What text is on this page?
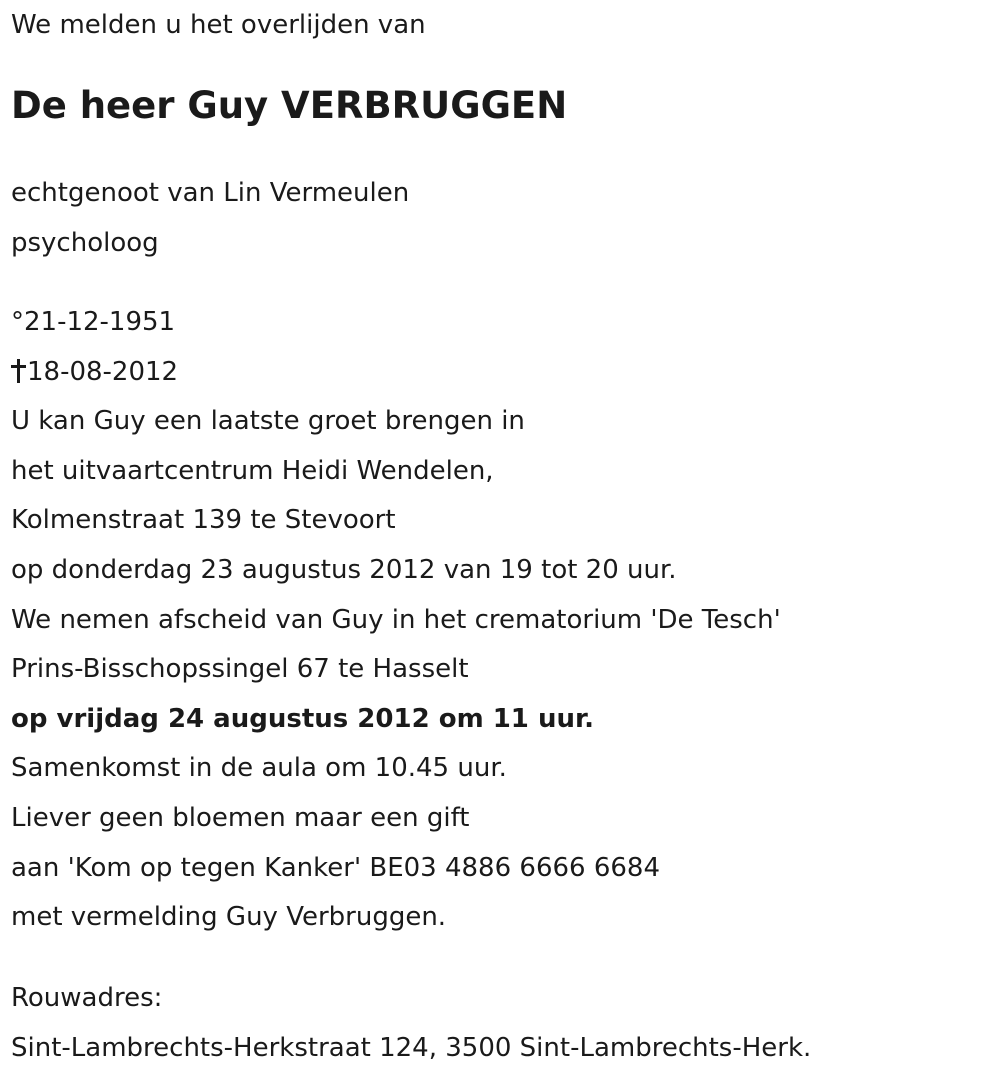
We melden u het overlijden van
De heer Guy VERBRUGGEN
echtgenoot van Lin Vermeulen
psycholoog
°21-12-1951
18-08-2012
U kan Guy een laatste groet brengen in
het uitvaartcentrum Heidi Wendelen,
Kolmenstraat 139 te Stevoort
op donderdag 23 augustus 2012 van 19 tot 20 uur.
We nemen afscheid van Guy in het crematorium 'De Tesch'
Prins-Bisschopssingel 67 te Hasselt
op vrijdag 24 augustus 2012 om 11 uur.
Samenkomst in de aula om 10.45 uur.
Liever geen bloemen maar een gift
aan 'Kom op tegen Kanker' BE03 4886 6666 6684
met vermelding Guy Verbruggen.
Rouwadres:
Sint-Lambrechts-Herkstraat 124, 3500 Sint-Lambrechts-Herk.
